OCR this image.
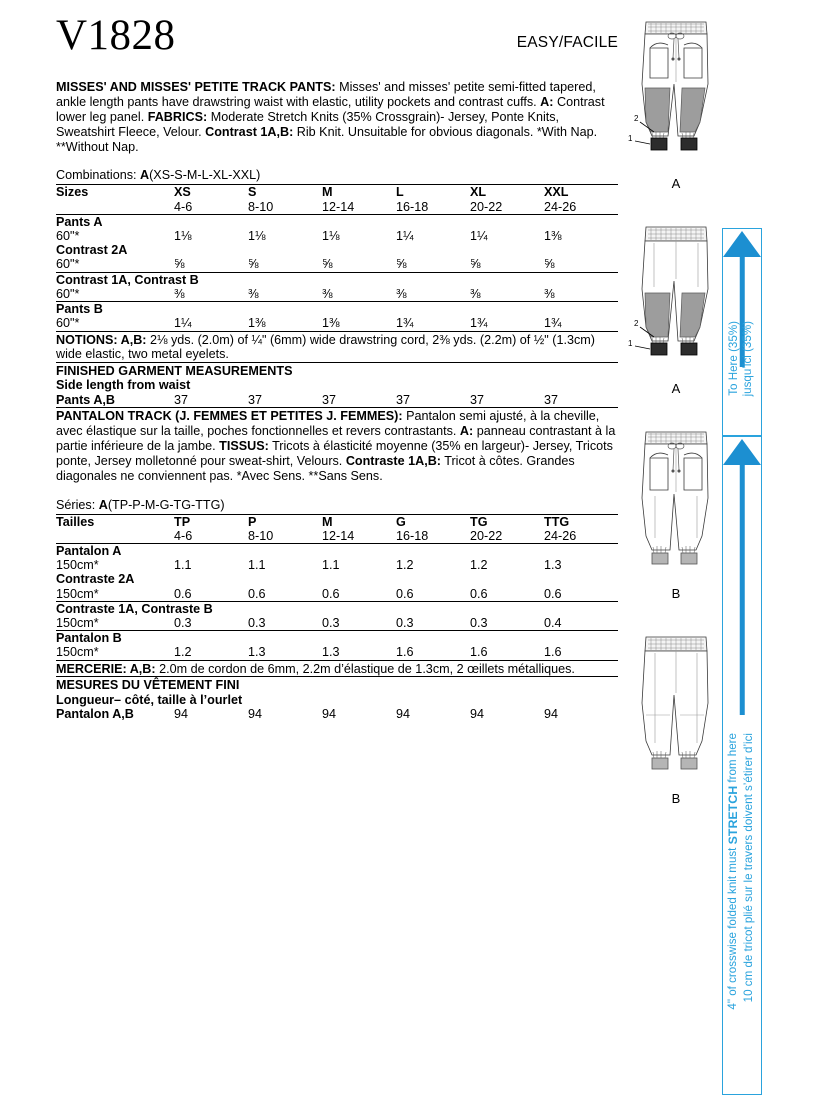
V1828	EASY/FACILE
MISSES' AND MISSES' PETITE TRACK PANTS: Misses' and misses' petite semi-fitted tapered, ankle length pants have drawstring waist with elastic, utility pockets and contrast cuffs. A: Contrast lower leg panel. FABRICS: Moderate Stretch Knits (35% Crossgrain)- Jersey, Ponte Knits, Sweatshirt Fleece, Velour. Contrast 1A,B: Rib Knit. Unsuitable for obvious diagonals. *With Nap. **Without Nap.
Combinations: A(XS-S-M-L-XL-XXL)
Sizes	XS	S	M	L	XL	XXL
	4-6	8-10	12-14	16-18	20-22	24-26
Pants A						
60"*	1⅛	1⅛	1⅛	1¼	1¼	1⅜
Contrast 2A						
60"*	⅝	⅝	⅝	⅝	⅝	⅝
Contrast 1A, Contrast B						
60"*	⅜	⅜	⅜	⅜	⅜	⅜
Pants B						
60"*	1¼	1⅜	1⅜	1¾	1¾	1¾
NOTIONS: A,B: 2⅛ yds. (2.0m) of ¼" (6mm) wide drawstring cord, 2⅜ yds. (2.2m) of ½" (1.3cm) wide elastic, two metal eyelets.
FINISHED GARMENT MEASUREMENTS
Side length from waist
Pants A,B	37	37	37	37	37	37
PANTALON TRACK (J. FEMMES ET PETITES J. FEMMES): Pantalon semi ajusté, à la cheville, avec élastique sur la taille, poches fonctionnelles et revers contrastants. A: panneau contrastant à la partie inférieure de la jambe. TISSUS: Tricots à élasticité moyenne (35% en largeur)- Jersey, Tricots ponte, Jersey molletonné pour sweat-shirt, Velours. Contraste 1A,B: Tricot à côtes. Grandes diagonales ne conviennent pas. *Avec Sens. **Sans Sens.
Séries: A(TP-P-M-G-TG-TTG)
Tailles	TP	P	M	G	TG	TTG
	4-6	8-10	12-14	16-18	20-22	24-26
Pantalon A						
150cm*	1.1	1.1	1.1	1.2	1.2	1.3
Contraste 2A						
150cm*	0.6	0.6	0.6	0.6	0.6	0.6
Contraste 1A, Contraste B						
150cm*	0.3	0.3	0.3	0.3	0.3	0.4
Pantalon B						
150cm*	1.2	1.3	1.3	1.6	1.6	1.6
MERCERIE: A,B: 2.0m de cordon de 6mm, 2.2m d’élastique de 1.3cm, 2 œillets métalliques.
MESURES DU VÊTEMENT FINI
Longueur– côté, taille à l’ourlet
Pantalon A,B	94	94	94	94	94	94
2
1
A
2
1
A
B
B
To Here (35%) jusqu’ici (35%)
4" of crosswise folded knit must STRETCH from here 10 cm de tricot plié sur le travers doivent s’étirer d’ici
